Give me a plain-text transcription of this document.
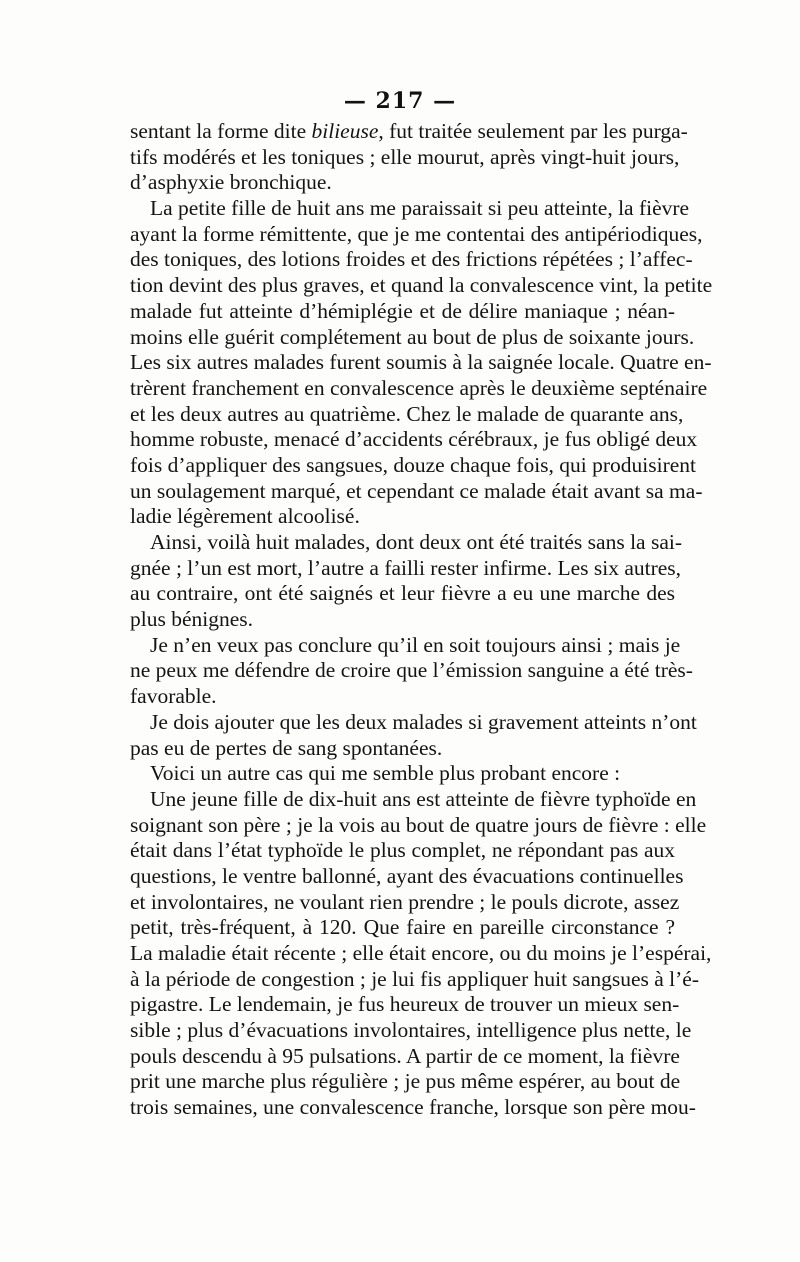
— 217 —
sentant la forme dite bilieuse, fut traitée seulement par les purga-
tifs modérés et les toniques ; elle mourut, après vingt-huit jours,
d’asphyxie bronchique.
La petite fille de huit ans me paraissait si peu atteinte, la fièvre
ayant la forme rémittente, que je me contentai des antipériodiques,
des toniques, des lotions froides et des frictions répétées ; l’affec-
tion devint des plus graves, et quand la convalescence vint, la petite
malade fut atteinte d’hémiplégie et de délire maniaque ; néan-
moins elle guérit complétement au bout de plus de soixante jours.
Les six autres malades furent soumis à la saignée locale. Quatre en-
trèrent franchement en convalescence après le deuxième septénaire
et les deux autres au quatrième. Chez le malade de quarante ans,
homme robuste, menacé d’accidents cérébraux, je fus obligé deux
fois d’appliquer des sangsues, douze chaque fois, qui produisirent
un soulagement marqué, et cependant ce malade était avant sa ma-
ladie légèrement alcoolisé.
Ainsi, voilà huit malades, dont deux ont été traités sans la sai-
gnée ; l’un est mort, l’autre a failli rester infirme. Les six autres,
au contraire, ont été saignés et leur fièvre a eu une marche des
plus bénignes.
Je n’en veux pas conclure qu’il en soit toujours ainsi ; mais je
ne peux me défendre de croire que l’émission sanguine a été très-
favorable.
Je dois ajouter que les deux malades si gravement atteints n’ont
pas eu de pertes de sang spontanées.
Voici un autre cas qui me semble plus probant encore :
Une jeune fille de dix-huit ans est atteinte de fièvre typhoïde en
soignant son père ; je la vois au bout de quatre jours de fièvre : elle
était dans l’état typhoïde le plus complet, ne répondant pas aux
questions, le ventre ballonné, ayant des évacuations continuelles
et involontaires, ne voulant rien prendre ; le pouls dicrote, assez
petit, très-fréquent, à 120. Que faire en pareille circonstance ?
La maladie était récente ; elle était encore, ou du moins je l’espérai,
à la période de congestion ; je lui fis appliquer huit sangsues à l’é-
pigastre. Le lendemain, je fus heureux de trouver un mieux sen-
sible ; plus d’évacuations involontaires, intelligence plus nette, le
pouls descendu à 95 pulsations. A partir de ce moment, la fièvre
prit une marche plus régulière ; je pus même espérer, au bout de
trois semaines, une convalescence franche, lorsque son père mou-
